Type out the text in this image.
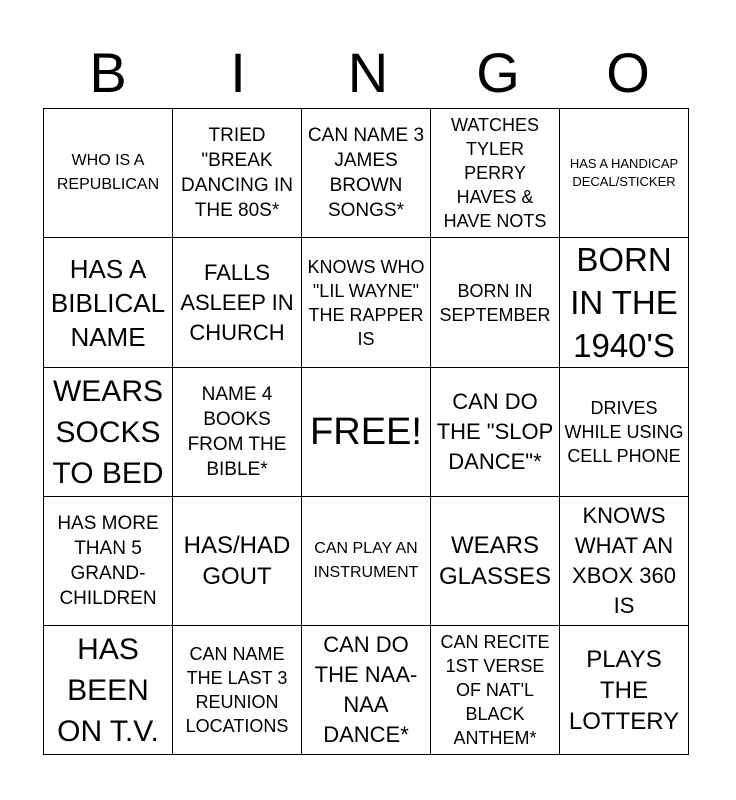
B	I	N	G	O
WHO IS A REPUBLICAN	TRIED "BREAK DANCING IN THE 80S*	CAN NAME 3 JAMES BROWN SONGS*	WATCHES TYLER PERRY HAVES & HAVE NOTS	HAS A HANDICAP DECAL/STICKER

HAS A BIBLICAL NAME	FALLS ASLEEP IN CHURCH	KNOWS WHO "LIL WAYNE" THE RAPPER IS	BORN IN SEPTEMBER	BORN IN THE 1940'S

WEARS SOCKS TO BED	NAME 4 BOOKS FROM THE BIBLE*	FREE!	CAN DO THE "SLOP DANCE"*	DRIVES WHILE USING CELL PHONE

HAS MORE THAN 5 GRAND-CHILDREN	HAS/HAD GOUT	CAN PLAY AN INSTRUMENT	WEARS GLASSES	KNOWS WHAT AN XBOX 360 IS

HAS BEEN ON T.V.	CAN NAME THE LAST 3 REUNION LOCATIONS	CAN DO THE NAA-NAA DANCE*	CAN RECITE 1ST VERSE OF NAT'L BLACK ANTHEM*	PLAYS THE LOTTERY
